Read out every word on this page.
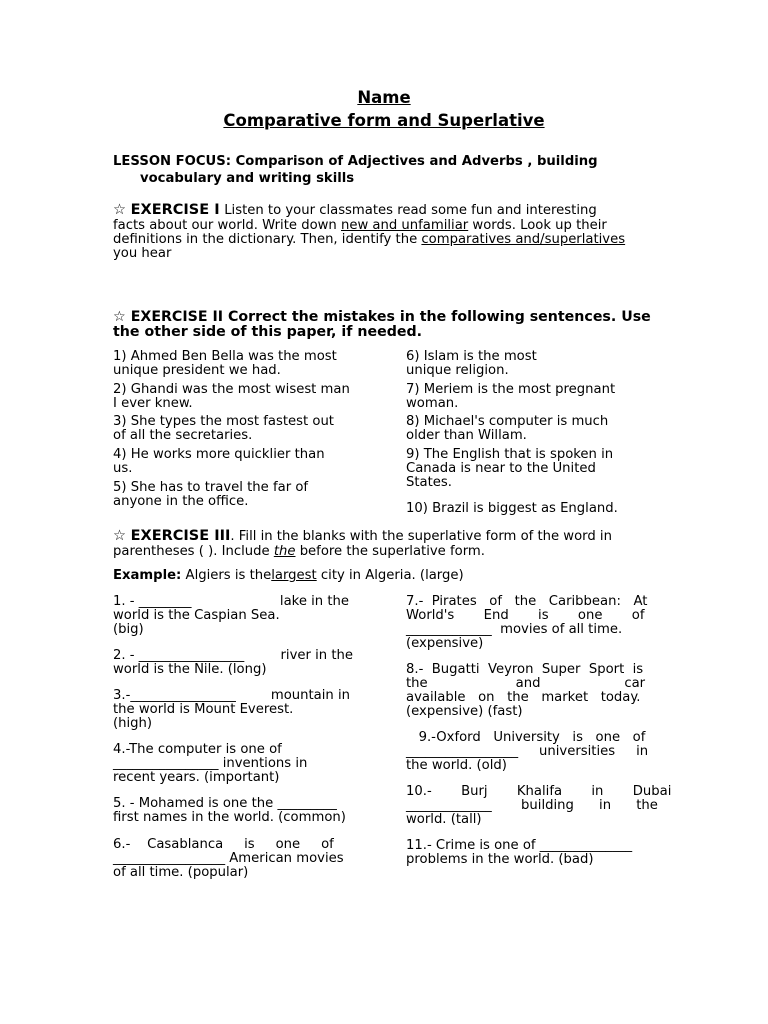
Name
Comparative form and Superlative
LESSON FOCUS: Comparison of Adjectives and Adverbs , building
vocabulary and writing skills
☆ EXERCISE I Listen to your classmates read some fun and interesting
facts about our world. Write down new and unfamiliar words. Look up their
definitions in the dictionary. Then, identify the comparatives and/superlatives
you hear
☆ EXERCISE II Correct the mistakes in the following sentences. Use
the other side of this paper, if needed.
1) Ahmed Ben Bella was the most
unique president we had.
2) Ghandi was the most wisest man
I ever knew.
3) She types the most fastest out
of all the secretaries.
4) He works more quicklier than
us.
5) She has to travel the far of
anyone in the office.
6) Islam is the most
unique religion.
7) Meriem is the most pregnant
woman.
8) Michael's computer is much
older than Willam.
9) The English that is spoken in
Canada is near to the United
States.
10) Brazil is biggest as England.
☆ EXERCISE III. Fill in the blanks with the superlative form of the word in
parentheses ( ). Include the before the superlative form.
Example: Algiers is thelargest city in Algeria. (large)
1. - ________	lake in the
world is the Caspian Sea.
(big)
2. - ________________	river in the
world is the Nile. (long)
3.-________________	mountain in
the world is Mount Everest.
(high)
4.-The computer is one of
________________ inventions in
recent years. (important)
5. - Mohamed is one the _________
first names in the world. (common)
6.-    Casablanca     is     one     of
_________________ American movies
of all time. (popular)
7.-  Pirates   of   the   Caribbean:   At
World's       End       is       one       of
_____________  movies of all time.
(expensive)
8.-  Bugatti  Veyron  Super  Sport  is
the                     and                    car
available   on   the   market   today.
(expensive) (fast)
9.-Oxford   University   is   one   of
_________________     universities     in
the world. (old)
10.-       Burj       Khalifa       in       Dubai
_____________       building      in      the
world. (tall)
11.- Crime is one of ______________
problems in the world. (bad)
